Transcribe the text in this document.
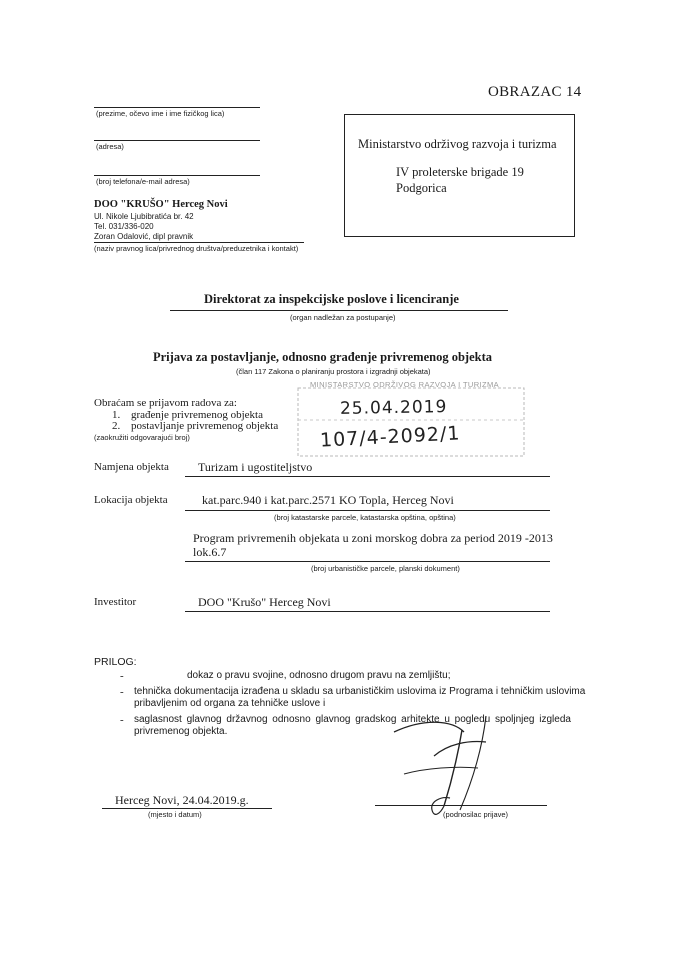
OBRAZAC 14
(prezime, očevo ime i ime fizičkog lica)
(adresa)
(broj telefona/e-mail adresa)
DOO "KRUŠO" Herceg Novi
Ul. Nikole Ljubibratića br. 42
Tel. 031/336-020
Zoran Odalović, dipl pravnik
(naziv pravnog lica/privrednog društva/preduzetnika i kontakt)
Ministarstvo održivog razvoja i turizma
IV proleterske brigade 19
Podgorica
Direktorat za inspekcijske poslove i licenciranje
(organ nadležan za postupanje)
Prijava za postavljanje, odnosno građenje privremenog objekta
(član 117 Zakona o planiranju prostora i izgradnji objekata)
MINISTARSTVO ODRŽIVOG RAZVOJA I TURIZMA
25.04.2019
107/4-2092/1
Obraćam se prijavom radova za:
1. građenje privremenog objekta
2. postavljanje privremenog objekta
(zaokružiti odgovarajući broj)
Namjena objekta Turizam i ugostiteljstvo
Lokacija objekta	kat.parc.940 i kat.parc.2571 KO Topla, Herceg Novi
(broj katastarske parcele, katastarska opština, opština)
Program privremenih objekata u zoni morskog dobra za period 2019 -2013
lok.6.7
(broj urbanističke parcele, planski dokument)
Investitor	DOO "Krušo" Herceg Novi
PRILOG:
-	dokaz o pravu svojine, odnosno drugom pravu na zemljištu;
- tehnička dokumentacija izrađena u skladu sa urbanističkim uslovima iz Programa i tehničkim uslovima
pribavljenim od organa za tehničke uslove i
- saglasnost glavnog državnog odnosno glavnog gradskog arhitekte u pogledu spoljnjeg izgleda
privremenog objekta.
Herceg Novi, 24.04.2019.g.
(mjesto i datum)	(podnosilac prijave)
